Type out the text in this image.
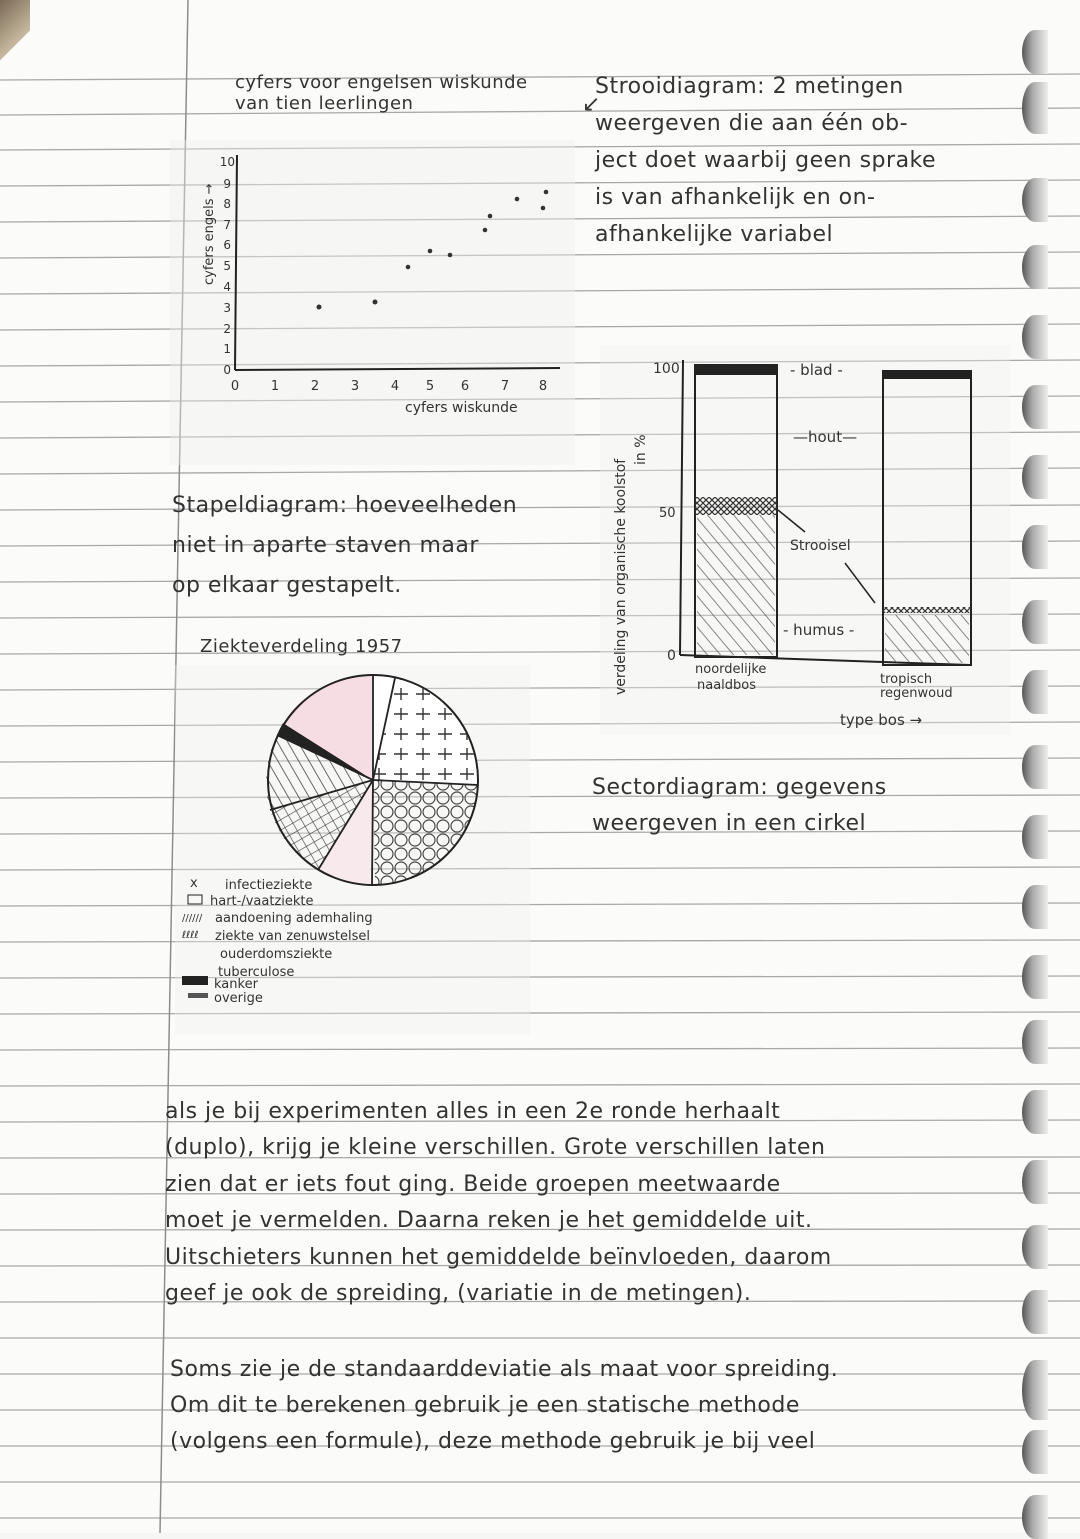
cyfers voor engelsen wiskunde
van tien leerlingen	↙
Strooidiagram: 2 metingen
weergeven die aan één ob-
ject doet waarbij geen sprake
is van afhankelijk en on-
afhankelijke variabel
0
1
2
3
4
5
6
7
8
9
10
0 1 2 3 4 5 6 7 8
cyfers wiskunde
cyfers engels →
Stapeldiagram: hoeveelheden
niet in aparte staven maar
op elkaar gestapelt.
100
50
0
verdeling van organische koolstof
in %
- blad -
—hout—
Strooisel
- humus -
noordelijke
naaldbos	tropisch
regenwoud
type bos →
Ziekteverdeling 1957
x infectieziekte
hart-/vaatziekte
////// aandoening ademhaling
ℓℓℓℓ ziekte van zenuwstelsel
ouderdomsziekte
tuberculose
kanker
overige
Sectordiagram: gegevens
weergeven in een cirkel
als je bij experimenten alles in een 2e ronde herhaalt
(duplo), krijg je kleine verschillen. Grote verschillen laten
zien dat er iets fout ging. Beide groepen meetwaarde
moet je vermelden. Daarna reken je het gemiddelde uit.
Uitschieters kunnen het gemiddelde beïnvloeden, daarom
geef je ook de spreiding, (variatie in de metingen).
Soms zie je de standaarddeviatie als maat voor spreiding.
Om dit te berekenen gebruik je een statische methode
(volgens een formule), deze methode gebruik je bij veel
